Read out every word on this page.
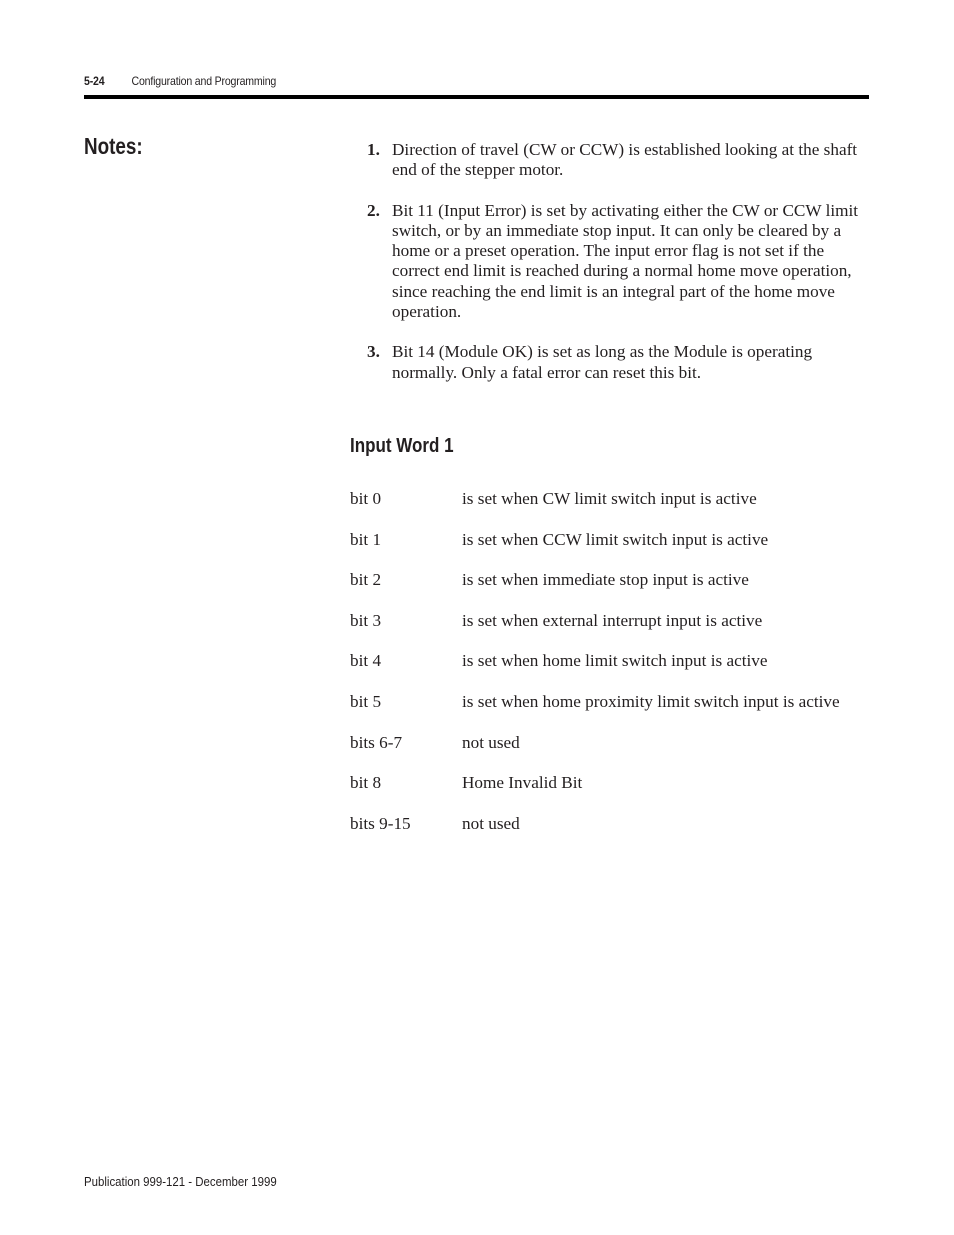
5-24 Configuration and Programming
Notes:	1. Direction of travel (CW or CCW) is established looking at the shaft end of the stepper motor.
2. Bit 11 (Input Error) is set by activating either the CW or CCW limit switch, or by an immediate stop input. It can only be cleared by a home or a preset operation. The input error flag is not set if the correct end limit is reached during a normal home move operation, since reaching the end limit is an integral part of the home move operation.
3. Bit 14 (Module OK) is set as long as the Module is operating normally. Only a fatal error can reset this bit.
Input Word 1
bit 0	is set when CW limit switch input is active
bit 1	is set when CCW limit switch input is active
bit 2	is set when immediate stop input is active
bit 3	is set when external interrupt input is active
bit 4	is set when home limit switch input is active
bit 5	is set when home proximity limit switch input is active
bits 6-7	not used
bit 8	Home Invalid Bit
bits 9-15	not used
Publication 999-121 - December 1999
